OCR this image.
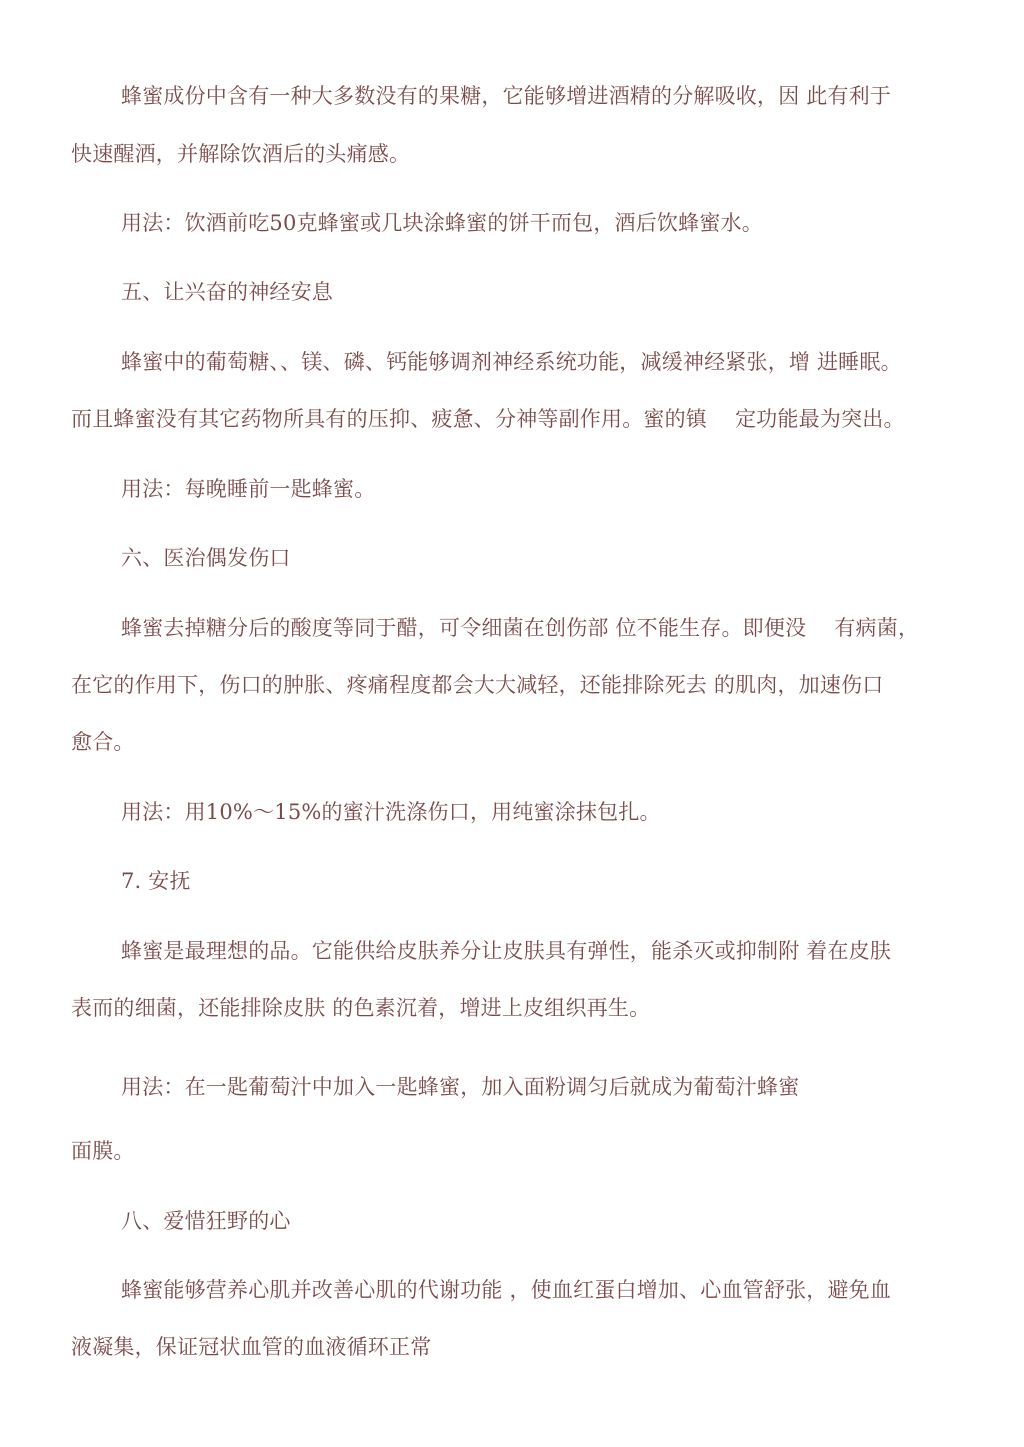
蜂蜜成份中含有一种大多数没有的果糖，它能够增进酒精的分解吸收，因 此有利于
快速醒酒，并解除饮酒后的头痛感。
用法：饮酒前吃50克蜂蜜或几块涂蜂蜜的饼干而包，酒后饮蜂蜜水。
五、让兴奋的神经安息
蜂蜜中的葡萄糖、、镁、磷、钙能够调剂神经系统功能，减缓神经紧张，增 进睡眠。
而且蜂蜜没有其它药物所具有的压抑、疲惫、分神等副作用。蜜的镇　 定功能最为突出。
用法：每晚睡前一匙蜂蜜。
六、医治偶发伤口
蜂蜜去掉糖分后的酸度等同于醋，可令细菌在创伤部 位不能生存。即便没　 有病菌，
在它的作用下，伤口的肿胀、疼痛程度都会大大减轻，还能排除死去 的肌肉，加速伤口
愈合。
用法：用10%〜15%的蜜汁洗涤伤口，用纯蜜涂抹包扎。
7. 安抚
蜂蜜是最理想的品。它能供给皮肤养分让皮肤具有弹性，能杀灭或抑制附 着在皮肤
表而的细菌，还能排除皮肤 的色素沉着，增进上皮组织再生。
用法：在一匙葡萄汁中加入一匙蜂蜜，加入面粉调匀后就成为葡萄汁蜂蜜
面膜。
八、爱惜狂野的心
蜂蜜能够营养心肌并改善心肌的代谢功能 ，使血红蛋白增加、心血管舒张，避免血
液凝集，保证冠状血管的血液循环正常
